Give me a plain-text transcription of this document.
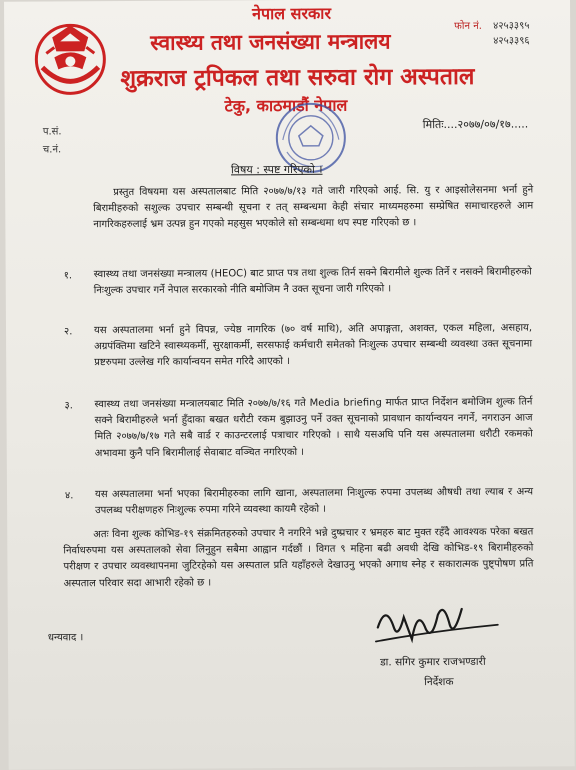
नेपाल सरकार
स्वास्थ्य तथा जनसंख्या मन्त्रालय
शुक्रराज ट्रपिकल तथा सरुवा रोग अस्पताल
टेकु, काठमाडौं नेपाल
फोन नं. ४२५३३९५
४२५३३९६
प.सं.
च.नं.
मितिः....२०७७/०७/१७.....
विषय : स्पष्ट गरिएको ।

प्रस्तुत विषयमा यस अस्पतालबाट मिति २०७७/७/१३ गते जारी गरिएको आई. सि. यु र आइसोलेसनमा भर्ना हुने बिरामीहरुको सशुल्क उपचार सम्बन्धी सूचना र तत् सम्बन्धमा केही संचार माध्यमहरुमा सम्प्रेषित समाचारहरुले आम नागरिकहरुलाई भ्रम उत्पन्न हुन गएको महसुस भएकोले सो सम्बन्धमा थप स्पष्ट गरिएको छ ।

१. स्वास्थ्य तथा जनसंख्या मन्त्रालय (HEOC) बाट प्राप्त पत्र तथा शुल्क तिर्न सक्ने बिरामीले शुल्क तिर्ने र नसक्ने बिरामीहरुको निःशुल्क उपचार गर्ने नेपाल सरकारको नीति बमोजिम नै उक्त सूचना जारी गरिएको ।
२. यस अस्पतालमा भर्ना हुने विपन्न, ज्येष्ठ नागरिक (७० वर्ष माथि), अति अपाङ्गता, अशक्त, एकल महिला, असहाय, अग्रपंक्तिमा खटिने स्वास्थ्यकर्मी, सुरक्षाकर्मी, सरसफाई कर्मचारी समेतको निःशुल्क उपचार सम्बन्धी व्यवस्था उक्त सूचनामा प्रष्टरुपमा उल्लेख गरि कार्यान्वयन समेत गरिदै आएको ।
३. स्वास्थ्य तथा जनसंख्या मन्त्रालयबाट मिति २०७७/७/१६ गते Media briefing मार्फत प्राप्त निर्देशन बमोजिम शुल्क तिर्न सक्ने बिरामीहरुले भर्ना हुँदाका बखत धरौटी रकम बुझाउनु पर्ने उक्त सूचनाको प्रावधान कार्यान्वयन नगर्ने, नगराउन आज मिति २०७७/७/१७ गते सबै वार्ड र काउन्टरलाई पत्राचार गरिएको । साथै यसअघि पनि यस अस्पतालमा धरौटी रकमको अभावमा कुनै पनि बिरामीलाई सेवाबाट वञ्चित नगरिएको ।
४. यस अस्पतालमा भर्ना भएका बिरामीहरुका लागि खाना, अस्पतालमा निःशुल्क रुपमा उपलब्ध औषधी तथा ल्याब र अन्य उपलब्ध परीक्षणहरु निःशुल्क रुपमा गरिने व्यवस्था कायमै रहेको ।

अतः विना शुल्क कोभिड-१९ संक्रमितहरुको उपचार नै नगरिने भन्ने दुष्प्रचार र भ्रमहरु बाट मुक्त रहँदै आवश्यक परेका बखत निर्वाधरुपमा यस अस्पतालको सेवा लिनुहुन सबैमा आह्वान गर्दछौं । विगत ९ महिना बढी अवधी देखि कोभिड-१९ बिरामीहरुको परीक्षण र उपचार व्यवस्थापनमा जुटिरहेको यस अस्पताल प्रति यहाँहरुले देखाउनु भएको अगाध स्नेह र सकारात्मक पुष्ट्पोषण प्रति अस्पताल परिवार सदा आभारी रहेको छ ।

धन्यवाद ।
डा. सगिर कुमार राजभण्डारी
निर्देशक
